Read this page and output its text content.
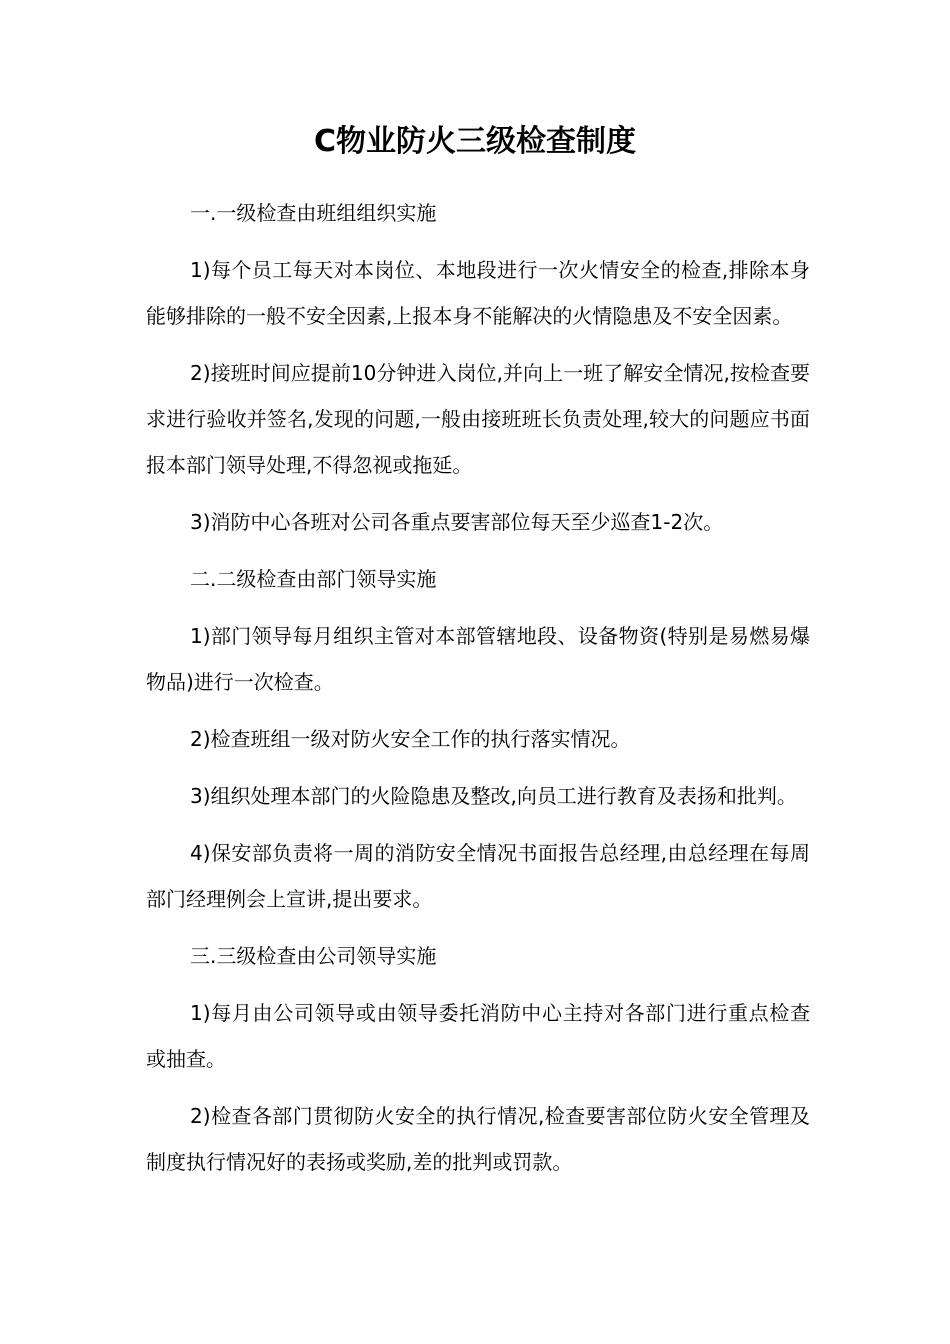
C物业防火三级检查制度

一.一级检查由班组组织实施

1)每个员工每天对本岗位、本地段进行一次火情安全的检查,排除本身能够排除的一般不安全因素,上报本身不能解决的火情隐患及不安全因素。

2)接班时间应提前10分钟进入岗位,并向上一班了解安全情况,按检查要求进行验收并签名,发现的问题,一般由接班班长负责处理,较大的问题应书面报本部门领导处理,不得忽视或拖延。

3)消防中心各班对公司各重点要害部位每天至少巡查1-2次。

二.二级检查由部门领导实施

1)部门领导每月组织主管对本部管辖地段、设备物资(特别是易燃易爆物品)进行一次检查。

2)检查班组一级对防火安全工作的执行落实情况。

3)组织处理本部门的火险隐患及整改,向员工进行教育及表扬和批判。

4)保安部负责将一周的消防安全情况书面报告总经理,由总经理在每周部门经理例会上宣讲,提出要求。

三.三级检查由公司领导实施

1)每月由公司领导或由领导委托消防中心主持对各部门进行重点检查或抽查。

2)检查各部门贯彻防火安全的执行情况,检查要害部位防火安全管理及制度执行情况好的表扬或奖励,差的批判或罚款。
